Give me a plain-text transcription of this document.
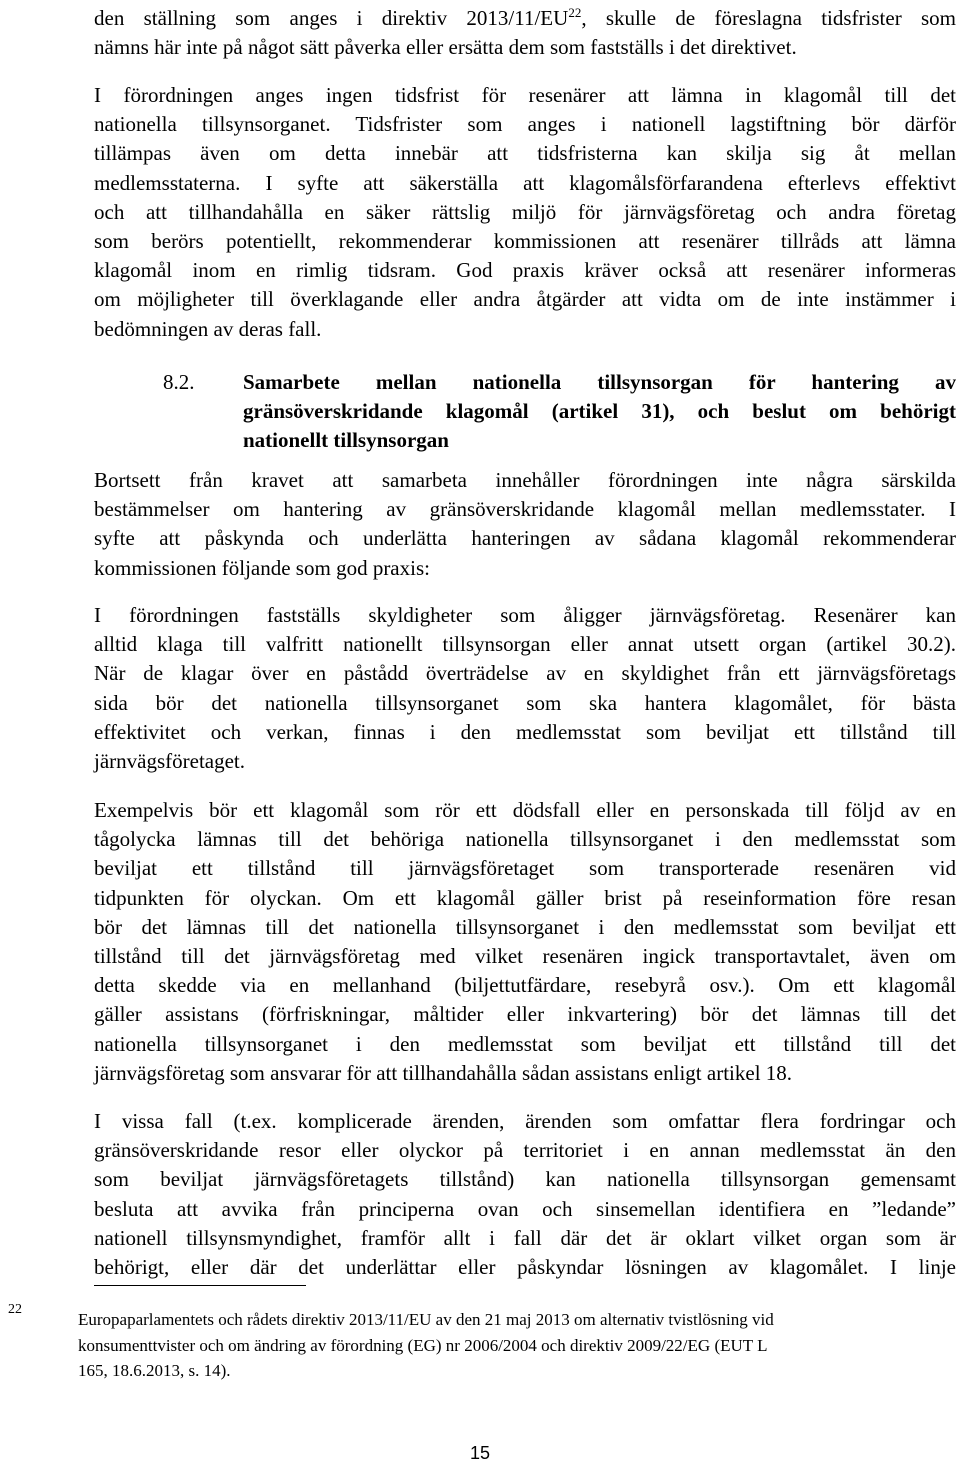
den ställning som anges i direktiv 2013/11/EU$^{22}$, skulle de föreslagna tidsfrister som
nämns här inte på något sätt påverka eller ersätta dem som fastställs i det direktivet.
I förordningen anges ingen tidsfrist för resenärer att lämna in klagomål till det
nationella tillsynsorganet. Tidsfrister som anges i nationell lagstiftning bör därför
tillämpas även om detta innebär att tidsfristerna kan skilja sig åt mellan
medlemsstaterna. I syfte att säkerställa att klagomålsförfarandena efterlevs effektivt
och att tillhandahålla en säker rättslig miljö för järnvägsföretag och andra företag
som berörs potentiellt, rekommenderar kommissionen att resenärer tillråds att lämna
klagomål inom en rimlig tidsram. God praxis kräver också att resenärer informeras
om möjligheter till överklagande eller andra åtgärder att vidta om de inte instämmer i
bedömningen av deras fall.
8.2. Samarbete mellan nationella tillsynsorgan för hantering av
gränsöverskridande klagomål (artikel 31), och beslut om behörigt
nationellt tillsynsorgan
Bortsett från kravet att samarbeta innehåller förordningen inte några särskilda
bestämmelser om hantering av gränsöverskridande klagomål mellan medlemsstater. I
syfte att påskynda och underlätta hanteringen av sådana klagomål rekommenderar
kommissionen följande som god praxis:
I förordningen fastställs skyldigheter som åligger järnvägsföretag. Resenärer kan
alltid klaga till valfritt nationellt tillsynsorgan eller annat utsett organ (artikel 30.2).
När de klagar över en påstådd överträdelse av en skyldighet från ett järnvägsföretags
sida bör det nationella tillsynsorganet som ska hantera klagomålet, för bästa
effektivitet och verkan, finnas i den medlemsstat som beviljat ett tillstånd till
järnvägsföretaget.
Exempelvis bör ett klagomål som rör ett dödsfall eller en personskada till följd av en
tågolycka lämnas till det behöriga nationella tillsynsorganet i den medlemsstat som
beviljat ett tillstånd till järnvägsföretaget som transporterade resenären vid
tidpunkten för olyckan. Om ett klagomål gäller brist på reseinformation före resan
bör det lämnas till det nationella tillsynsorganet i den medlemsstat som beviljat ett
tillstånd till det järnvägsföretag med vilket resenären ingick transportavtalet, även om
detta skedde via en mellanhand (biljettutfärdare, resebyrå osv.). Om ett klagomål
gäller assistans (förfriskningar, måltider eller inkvartering) bör det lämnas till det
nationella tillsynsorganet i den medlemsstat som beviljat ett tillstånd till det
järnvägsföretag som ansvarar för att tillhandahålla sådan assistans enligt artikel 18.
I vissa fall (t.ex. komplicerade ärenden, ärenden som omfattar flera fordringar och
gränsöverskridande resor eller olyckor på territoriet i en annan medlemsstat än den
som beviljat järnvägsföretagets tillstånd) kan nationella tillsynsorgan gemensamt
besluta att avvika från principerna ovan och sinsemellan identifiera en ”ledande”
nationell tillsynsmyndighet, framför allt i fall där det är oklart vilket organ som är
behörigt, eller där det underlättar eller påskyndar lösningen av klagomålet. I linje
22
Europaparlamentets och rådets direktiv 2013/11/EU av den 21 maj 2013 om alternativ tvistlösning vid
konsumenttvister och om ändring av förordning (EG) nr 2006/2004 och direktiv 2009/22/EG (EUT L
165, 18.6.2013, s. 14).
15
